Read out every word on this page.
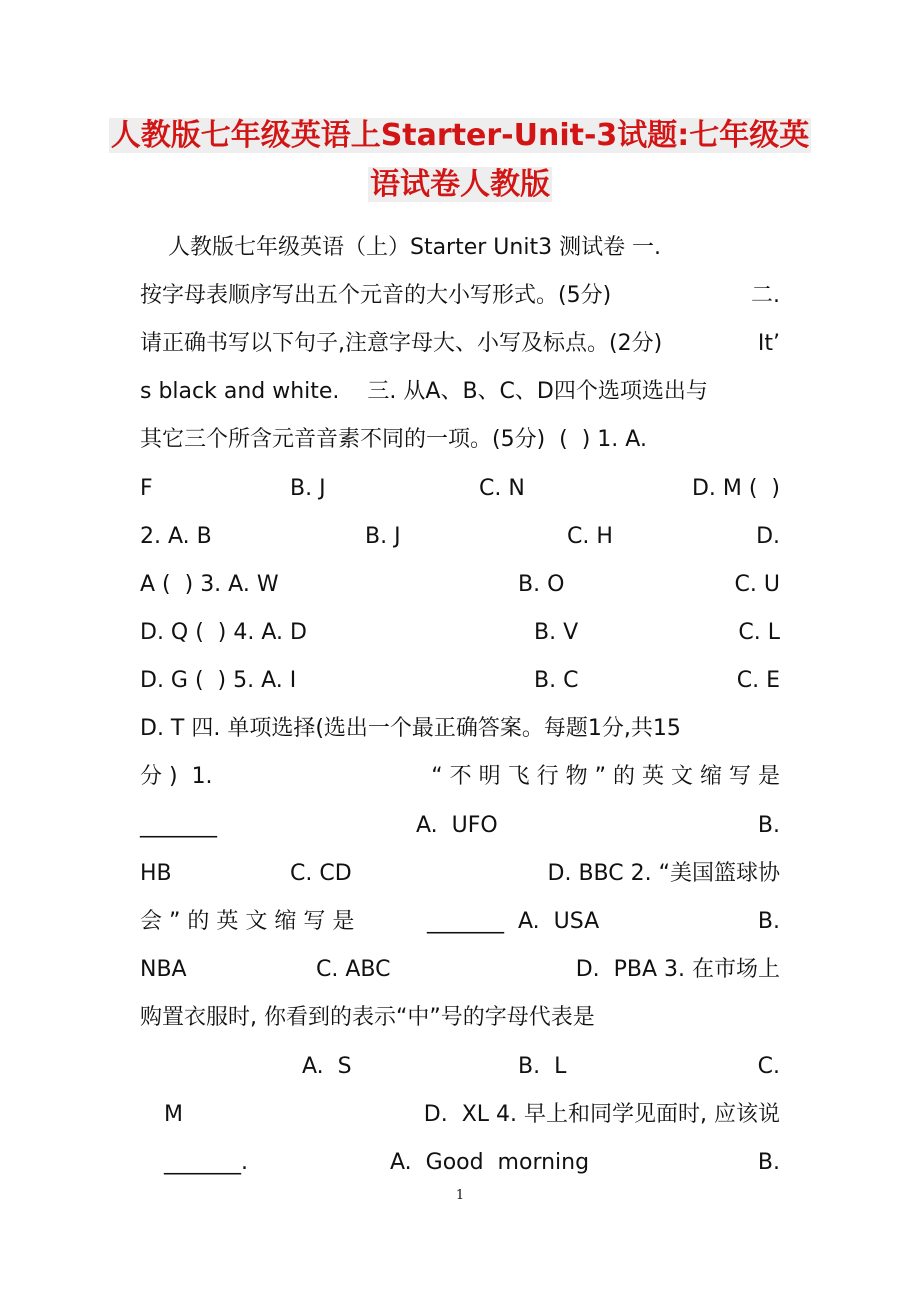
人教版七年级英语上Starter-Unit-3试题:七年级英
语试卷人教版

人教版七年级英语（上）Starter Unit3 测试卷 一.

按字母表顺序写出五个元音的大小写形式。(5分)

	二.

请正确书写以下句子,注意字母大、小写及标点。(2分)

	It’

s black and white.    三. 从A、B、C、D四个选项选出与

其它三个所含元音音素不同的一项。(5分)  (  ) 1. A.

F

	B. J

	C. N

	D. M (  )

2. A. B

	B. J

	C. H

	D.

A (  ) 3. A. W

	B. O

	C. U

D. Q (  ) 4. A. D

	B. V

	C. L

D. G (  ) 5. A. I

	B. C

	C. E

D. T 四. 单项选择(选出一个最正确答案。每题1分,共15

分 )  1.

	“ 不 明 飞 行 物 ” 的 英 文 缩 写 是

_______

	A.  UFO

	B.

HB

	C. CD

	D. BBC 2. “美国篮球协

会 ” 的 英 文 缩 写 是

	_______  A.  USA

	B.

NBA

	C. ABC

	D.  PBA 3. 在市场上

购置衣服时, 你看到的表示“中”号的字母代表是

A.  S

	B.  L

	C.

M

	D.  XL 4. 早上和同学见面时, 应该说

_______.

	A.  Good  morning

	B.

1
